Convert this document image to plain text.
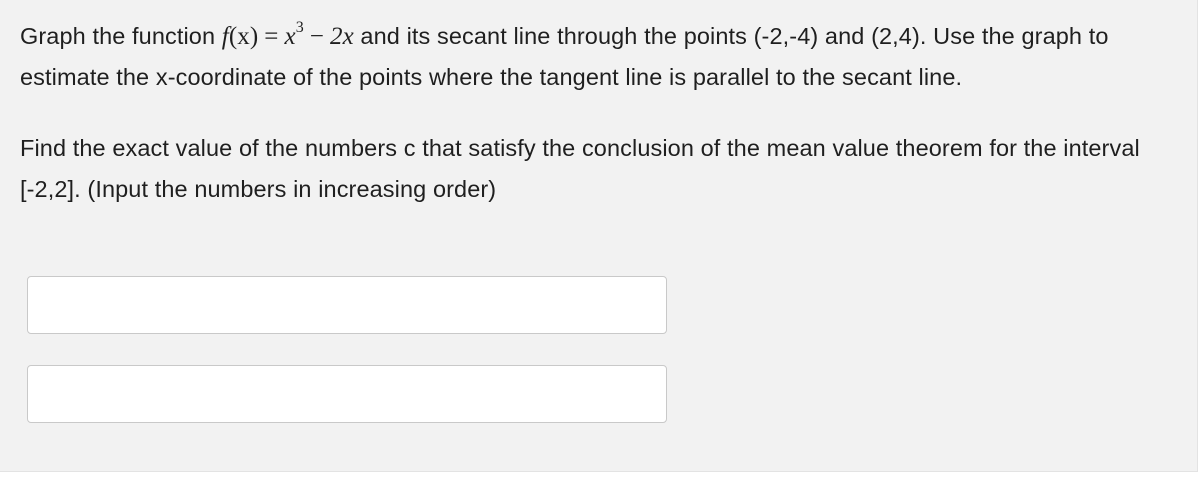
Graph the function $f(x) = x^3 - 2x$ and its secant line through the points (-2,-4) and (2,4). Use the graph to estimate the x-coordinate of the points where the tangent line is parallel to the secant line.

Find the exact value of the numbers c that satisfy the conclusion of the mean value theorem for the interval [-2,2]. (Input the numbers in increasing order)
